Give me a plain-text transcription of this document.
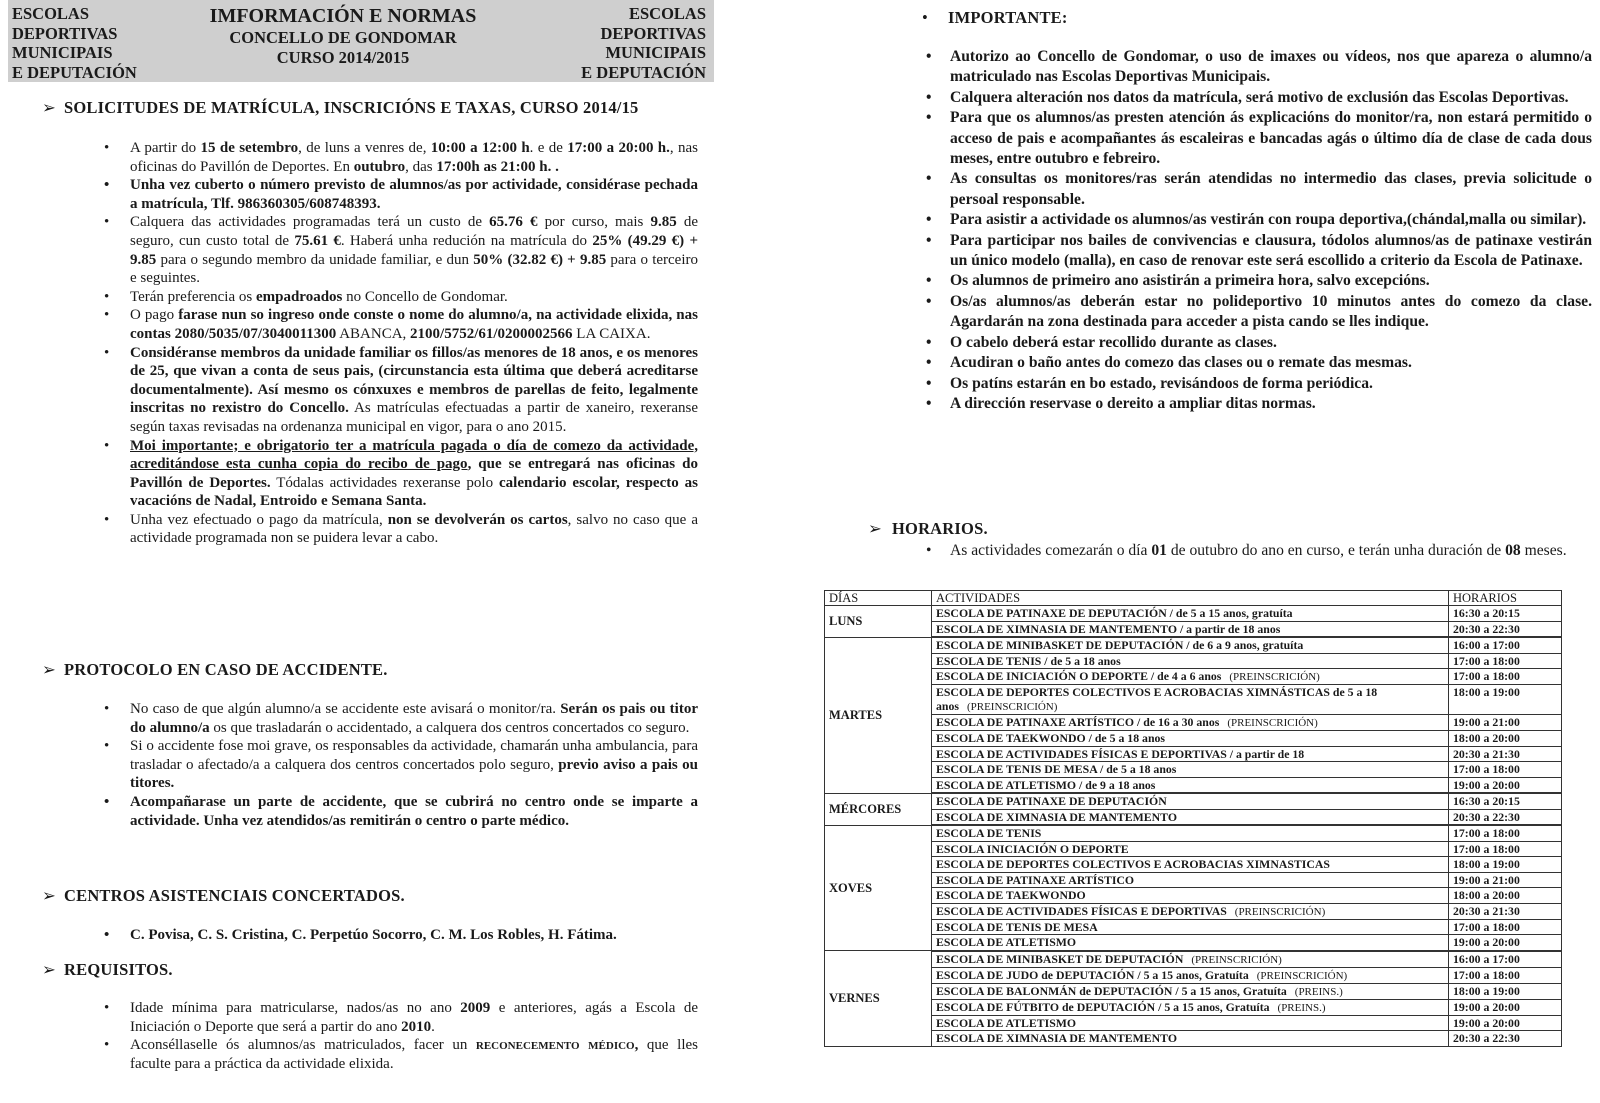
ESCOLAS
DEPORTIVAS
MUNICIPAIS
E DEPUTACIÓN
IMFORMACIÓN E NORMAS
CONCELLO DE GONDOMAR
CURSO 2014/2015
ESCOLAS
DEPORTIVAS
MUNICIPAIS
E DEPUTACIÓN
➢ SOLICITUDES DE MATRÍCULA, INSCRICIÓNS E TAXAS, CURSO 2014/15
• A partir do 15 de setembro, de luns a venres de, 10:00 a 12:00 h. e de 17:00 a 20:00 h., nas oficinas do Pavillón de Deportes. En outubro, das 17:00h as 21:00 h. .
• Unha vez cuberto o número previsto de alumnos/as por actividade, considérase pechada a matrícula, Tlf. 986360305/608748393.
• Calquera das actividades programadas terá un custo de 65.76 € por curso, mais 9.85 de seguro, cun custo total de 75.61 €. Haberá unha redución na matrícula do 25% (49.29 €) + 9.85 para o segundo membro da unidade familiar, e dun 50% (32.82 €) + 9.85 para o terceiro e seguintes.
• Terán preferencia os empadroados no Concello de Gondomar.
• O pago farase nun so ingreso onde conste o nome do alumno/a, na actividade elixida, nas contas 2080/5035/07/3040011300 ABANCA, 2100/5752/61/0200002566 LA CAIXA.
• Considéranse membros da unidade familiar os fillos/as menores de 18 anos, e os menores de 25, que vivan a conta de seus pais, (circunstancia esta última que deberá acreditarse documentalmente). Así mesmo os cónxuxes e membros de parellas de feito, legalmente inscritas no rexistro do Concello. As matrículas efectuadas a partir de xaneiro, rexeranse según taxas revisadas na ordenanza municipal en vigor, para o ano 2015.
• Moi importante; e obrigatorio ter a matrícula pagada o día de comezo da actividade, acreditándose esta cunha copia do recibo de pago, que se entregará nas oficinas do Pavillón de Deportes. Tódalas actividades rexeranse polo calendario escolar, respecto as vacacións de Nadal, Entroido e Semana Santa.
• Unha vez efectuado o pago da matrícula, non se devolverán os cartos, salvo no caso que a actividade programada non se puidera levar a cabo.
➢ PROTOCOLO EN CASO DE ACCIDENTE.
• No caso de que algún alumno/a se accidente este avisará o monitor/ra. Serán os pais ou titor do alumno/a os que trasladarán o accidentado, a calquera dos centros concertados co seguro.
• Si o accidente fose moi grave, os responsables da actividade, chamarán unha ambulancia, para trasladar o afectado/a a calquera dos centros concertados polo seguro, previo aviso a pais ou titores.
• Acompañarase un parte de accidente, que se cubrirá no centro onde se imparte a actividade. Unha vez atendidos/as remitirán o centro o parte médico.
➢ CENTROS ASISTENCIAIS CONCERTADOS.
• C. Povisa, C. S. Cristina, C. Perpetúo Socorro, C. M. Los Robles, H. Fátima.
➢ REQUISITOS.
• Idade mínima para matricularse, nados/as no ano 2009 e anteriores, agás a Escola de Iniciación o Deporte que será a partir do ano 2010.
• Aconséllaselle ós alumnos/as matriculados, facer un reconecemento médico, que lles faculte para a práctica da actividade elixida.
• IMPORTANTE:
• Autorizo ao Concello de Gondomar, o uso de imaxes ou vídeos, nos que apareza o alumno/a matriculado nas Escolas Deportivas Municipais.
• Calquera alteración nos datos da matrícula, será motivo de exclusión das Escolas Deportivas.
• Para que os alumnos/as presten atención ás explicacións do monitor/ra, non estará permitido o acceso de pais e acompañantes ás escaleiras e bancadas agás o último día de clase de cada dous meses, entre outubro e febreiro.
• As consultas os monitores/ras serán atendidas no intermedio das clases, previa solicitude o persoal responsable.
• Para asistir a actividade os alumnos/as vestirán con roupa deportiva,(chándal,malla ou similar).
• Para participar nos bailes de convivencias e clausura, tódolos alumnos/as de patinaxe vestirán un único modelo (malla), en caso de renovar este será escollido a criterio da Escola de Patinaxe.
• Os alumnos de primeiro ano asistirán a primeira hora, salvo excepcións.
• Os/as alumnos/as deberán estar no polideportivo 10 minutos antes do comezo da clase. Agardarán na zona destinada para acceder a pista cando se lles indique.
• O cabelo deberá estar recollido durante as clases.
• Acudiran o baño antes do comezo das clases ou o remate das mesmas.
• Os patíns estarán en bo estado, revisándoos de forma periódica.
• A dirección reservase o dereito a ampliar ditas normas.
➢ HORARIOS.
• As actividades comezarán o día 01 de outubro do ano en curso, e terán unha duración de 08 meses.
DÍAS	ACTIVIDADES	HORARIOS
LUNS	ESCOLA DE PATINAXE DE DEPUTACIÓN / de 5 a 15 anos, gratuíta	16:30 a 20:15
	ESCOLA DE XIMNASIA DE MANTEMENTO / a partir de 18 anos	20:30 a 22:30
MARTES	ESCOLA DE MINIBASKET DE DEPUTACIÓN / de 6 a 9 anos, gratuíta	16:00 a 17:00
	ESCOLA DE TENIS / de 5 a 18 anos	17:00 a 18:00
	ESCOLA DE INICIACIÓN O DEPORTE / de 4 a 6 anos (PREINSCRICIÓN)	17:00 a 18:00
	ESCOLA DE DEPORTES COLECTIVOS E ACROBACIAS XIMNÁSTICAS de 5 a 18 anos (PREINSCRICIÓN)	18:00 a 19:00
	ESCOLA DE PATINAXE ARTÍSTICO / de 16 a 30 anos (PREINSCRICIÓN)	19:00 a 21:00
	ESCOLA DE TAEKWONDO / de 5 a 18 anos	18:00 a 20:00
	ESCOLA DE ACTIVIDADES FÍSICAS E DEPORTIVAS / a partir de 18	20:30 a 21:30
	ESCOLA DE TENIS DE MESA / de 5 a 18 anos	17:00 a 18:00
	ESCOLA DE ATLETISMO / de 9 a 18 anos	19:00 a 20:00
MÉRCORES	ESCOLA DE PATINAXE DE DEPUTACIÓN	16:30 a 20:15
	ESCOLA DE XIMNASIA DE MANTEMENTO	20:30 a 22:30
XOVES	ESCOLA DE TENIS	17:00 a 18:00
	ESCOLA INICIACIÓN O DEPORTE	17:00 a 18:00
	ESCOLA DE DEPORTES COLECTIVOS E ACROBACIAS XIMNASTICAS	18:00 a 19:00
	ESCOLA DE PATINAXE ARTÍSTICO	19:00 a 21:00
	ESCOLA DE TAEKWONDO	18:00 a 20:00
	ESCOLA DE ACTIVIDADES FÍSICAS E DEPORTIVAS (PREINSCRICIÓN)	20:30 a 21:30
	ESCOLA DE TENIS DE MESA	17:00 a 18:00
	ESCOLA DE ATLETISMO	19:00 a 20:00
VERNES	ESCOLA DE MINIBASKET DE DEPUTACIÓN (PREINSCRICIÓN)	16:00 a 17:00
	ESCOLA DE JUDO de DEPUTACIÓN / 5 a 15 anos, Gratuíta (PREINSCRICIÓN)	17:00 a 18:00
	ESCOLA DE BALONMÁN de DEPUTACIÓN / 5 a 15 anos, Gratuíta (PREINS.)	18:00 a 19:00
	ESCOLA DE FÚTBITO de DEPUTACIÓN / 5 a 15 anos, Gratuíta (PREINS.)	19:00 a 20:00
	ESCOLA DE ATLETISMO	19:00 a 20:00
	ESCOLA DE XIMNASIA DE MANTEMENTO	20:30 a 22:30
